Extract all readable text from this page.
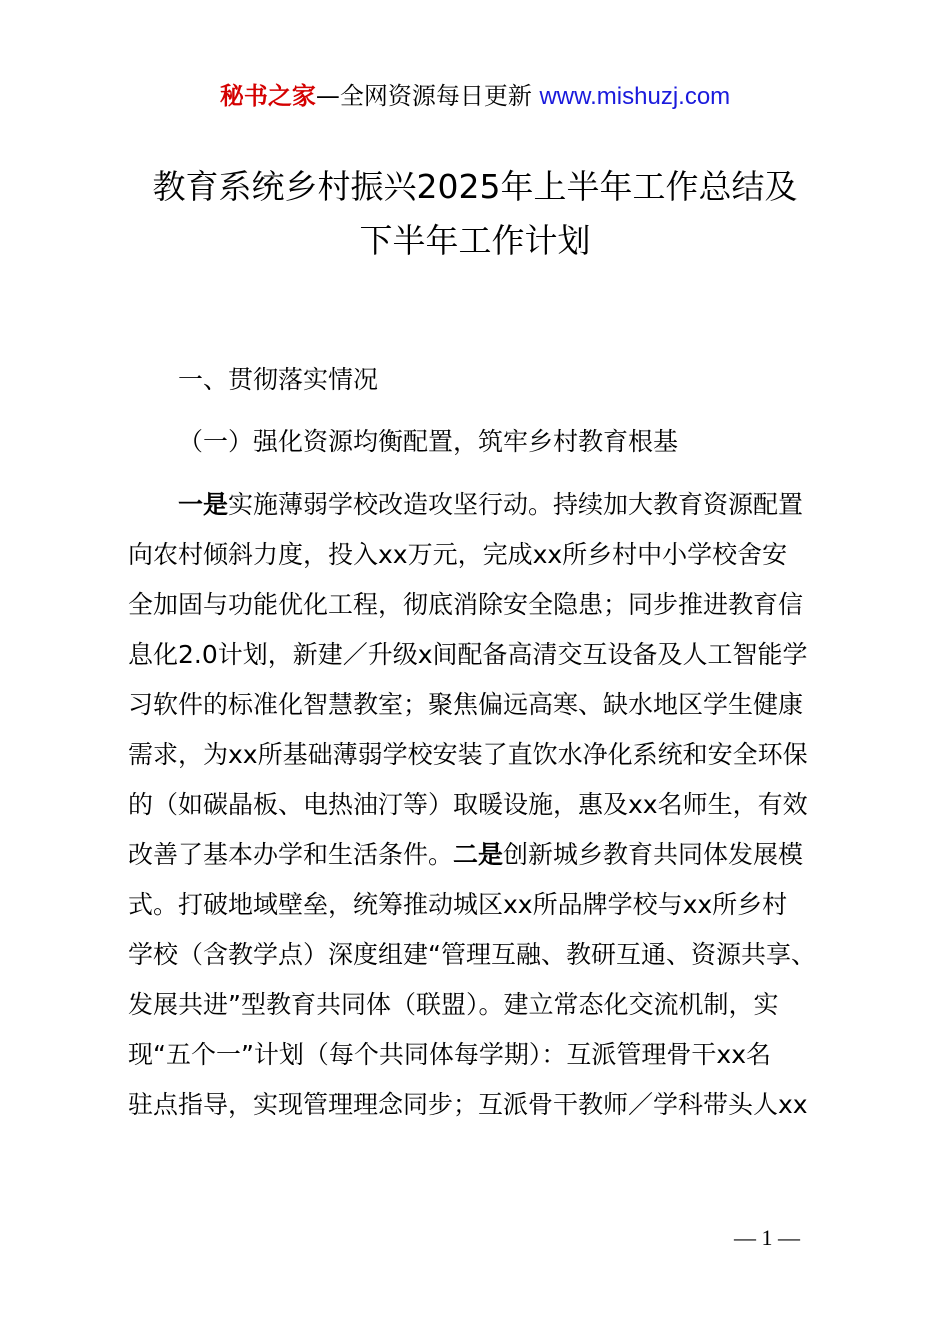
秘书之家—全网资源每日更新 www.mishuzj.com
教育系统乡村振兴2025年上半年工作总结及
下半年工作计划
一、贯彻落实情况
（一）强化资源均衡配置，筑牢乡村教育根基
一是实施薄弱学校改造攻坚行动。持续加大教育资源配置
向农村倾斜力度，投入xx万元，完成xx所乡村中小学校舍安
全加固与功能优化工程，彻底消除安全隐患；同步推进教育信
息化2.0计划，新建／升级x间配备高清交互设备及人工智能学
习软件的标准化智慧教室；聚焦偏远高寒、缺水地区学生健康
需求，为xx所基础薄弱学校安装了直饮水净化系统和安全环保
的（如碳晶板、电热油汀等）取暖设施，惠及xx名师生，有效
改善了基本办学和生活条件。二是创新城乡教育共同体发展模
式。打破地域壁垒，统筹推动城区xx所品牌学校与xx所乡村
学校（含教学点）深度组建“管理互融、教研互通、资源共享、
发展共进”型教育共同体（联盟）。建立常态化交流机制，实
现“五个一”计划（每个共同体每学期）：互派管理骨干xx名
驻点指导，实现管理理念同步；互派骨干教师／学科带头人xx
— 1 —
